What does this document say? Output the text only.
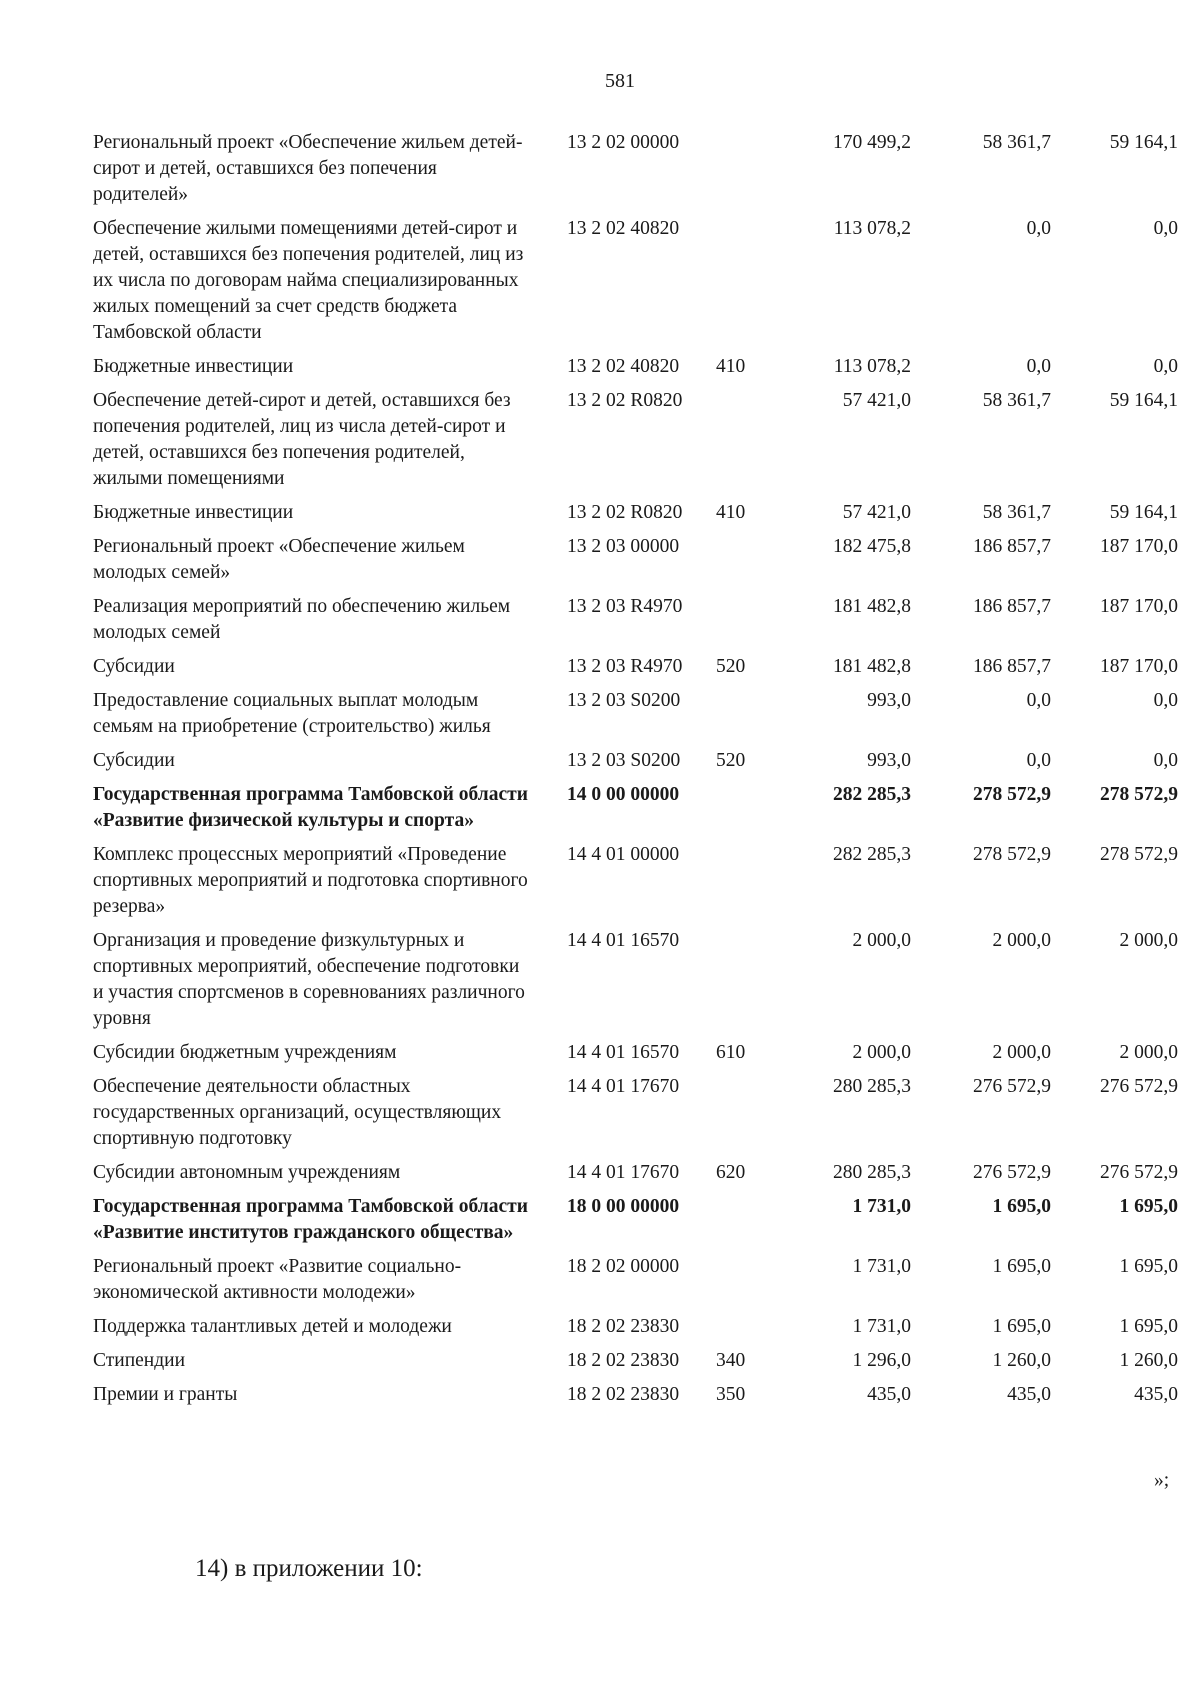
581
Региональный проект «Обеспечение жильем детей-сирот и детей, оставшихся без попечения родителей»	13 2 02 00000		170 499,2	58 361,7	59 164,1
Обеспечение жилыми помещениями детей-сирот и детей, оставшихся без попечения родителей, лиц из их числа по договорам найма специализированных жилых помещений за счет средств бюджета Тамбовской области	13 2 02 40820		113 078,2	0,0	0,0
Бюджетные инвестиции	13 2 02 40820	410	113 078,2	0,0	0,0
Обеспечение детей-сирот и детей, оставшихся без попечения родителей, лиц из числа детей-сирот и детей, оставшихся без попечения родителей, жилыми помещениями	13 2 02 R0820		57 421,0	58 361,7	59 164,1
Бюджетные инвестиции	13 2 02 R0820	410	57 421,0	58 361,7	59 164,1
Региональный проект «Обеспечение жильем молодых семей»	13 2 03 00000		182 475,8	186 857,7	187 170,0
Реализация мероприятий по обеспечению жильем молодых семей	13 2 03 R4970		181 482,8	186 857,7	187 170,0
Субсидии	13 2 03 R4970	520	181 482,8	186 857,7	187 170,0
Предоставление социальных выплат молодым семьям на приобретение (строительство) жилья	13 2 03 S0200		993,0	0,0	0,0
Субсидии	13 2 03 S0200	520	993,0	0,0	0,0
Государственная программа Тамбовской области «Развитие физической культуры и спорта»	14 0 00 00000		282 285,3	278 572,9	278 572,9
Комплекс процессных мероприятий «Проведение спортивных мероприятий и подготовка спортивного резерва»	14 4 01 00000		282 285,3	278 572,9	278 572,9
Организация и проведение физкультурных и спортивных мероприятий, обеспечение подготовки и участия спортсменов в соревнованиях различного уровня	14 4 01 16570		2 000,0	2 000,0	2 000,0
Субсидии бюджетным учреждениям	14 4 01 16570	610	2 000,0	2 000,0	2 000,0
Обеспечение деятельности областных государственных организаций, осуществляющих спортивную подготовку	14 4 01 17670		280 285,3	276 572,9	276 572,9
Субсидии автономным учреждениям	14 4 01 17670	620	280 285,3	276 572,9	276 572,9
Государственная программа Тамбовской области «Развитие институтов гражданского общества»	18 0 00 00000		1 731,0	1 695,0	1 695,0
Региональный проект «Развитие социально-экономической активности молодежи»	18 2 02 00000		1 731,0	1 695,0	1 695,0
Поддержка талантливых детей и молодежи	18 2 02 23830		1 731,0	1 695,0	1 695,0
Стипендии	18 2 02 23830	340	1 296,0	1 260,0	1 260,0
Премии и гранты	18 2 02 23830	350	435,0	435,0	435,0
»;
14) в приложении 10:
